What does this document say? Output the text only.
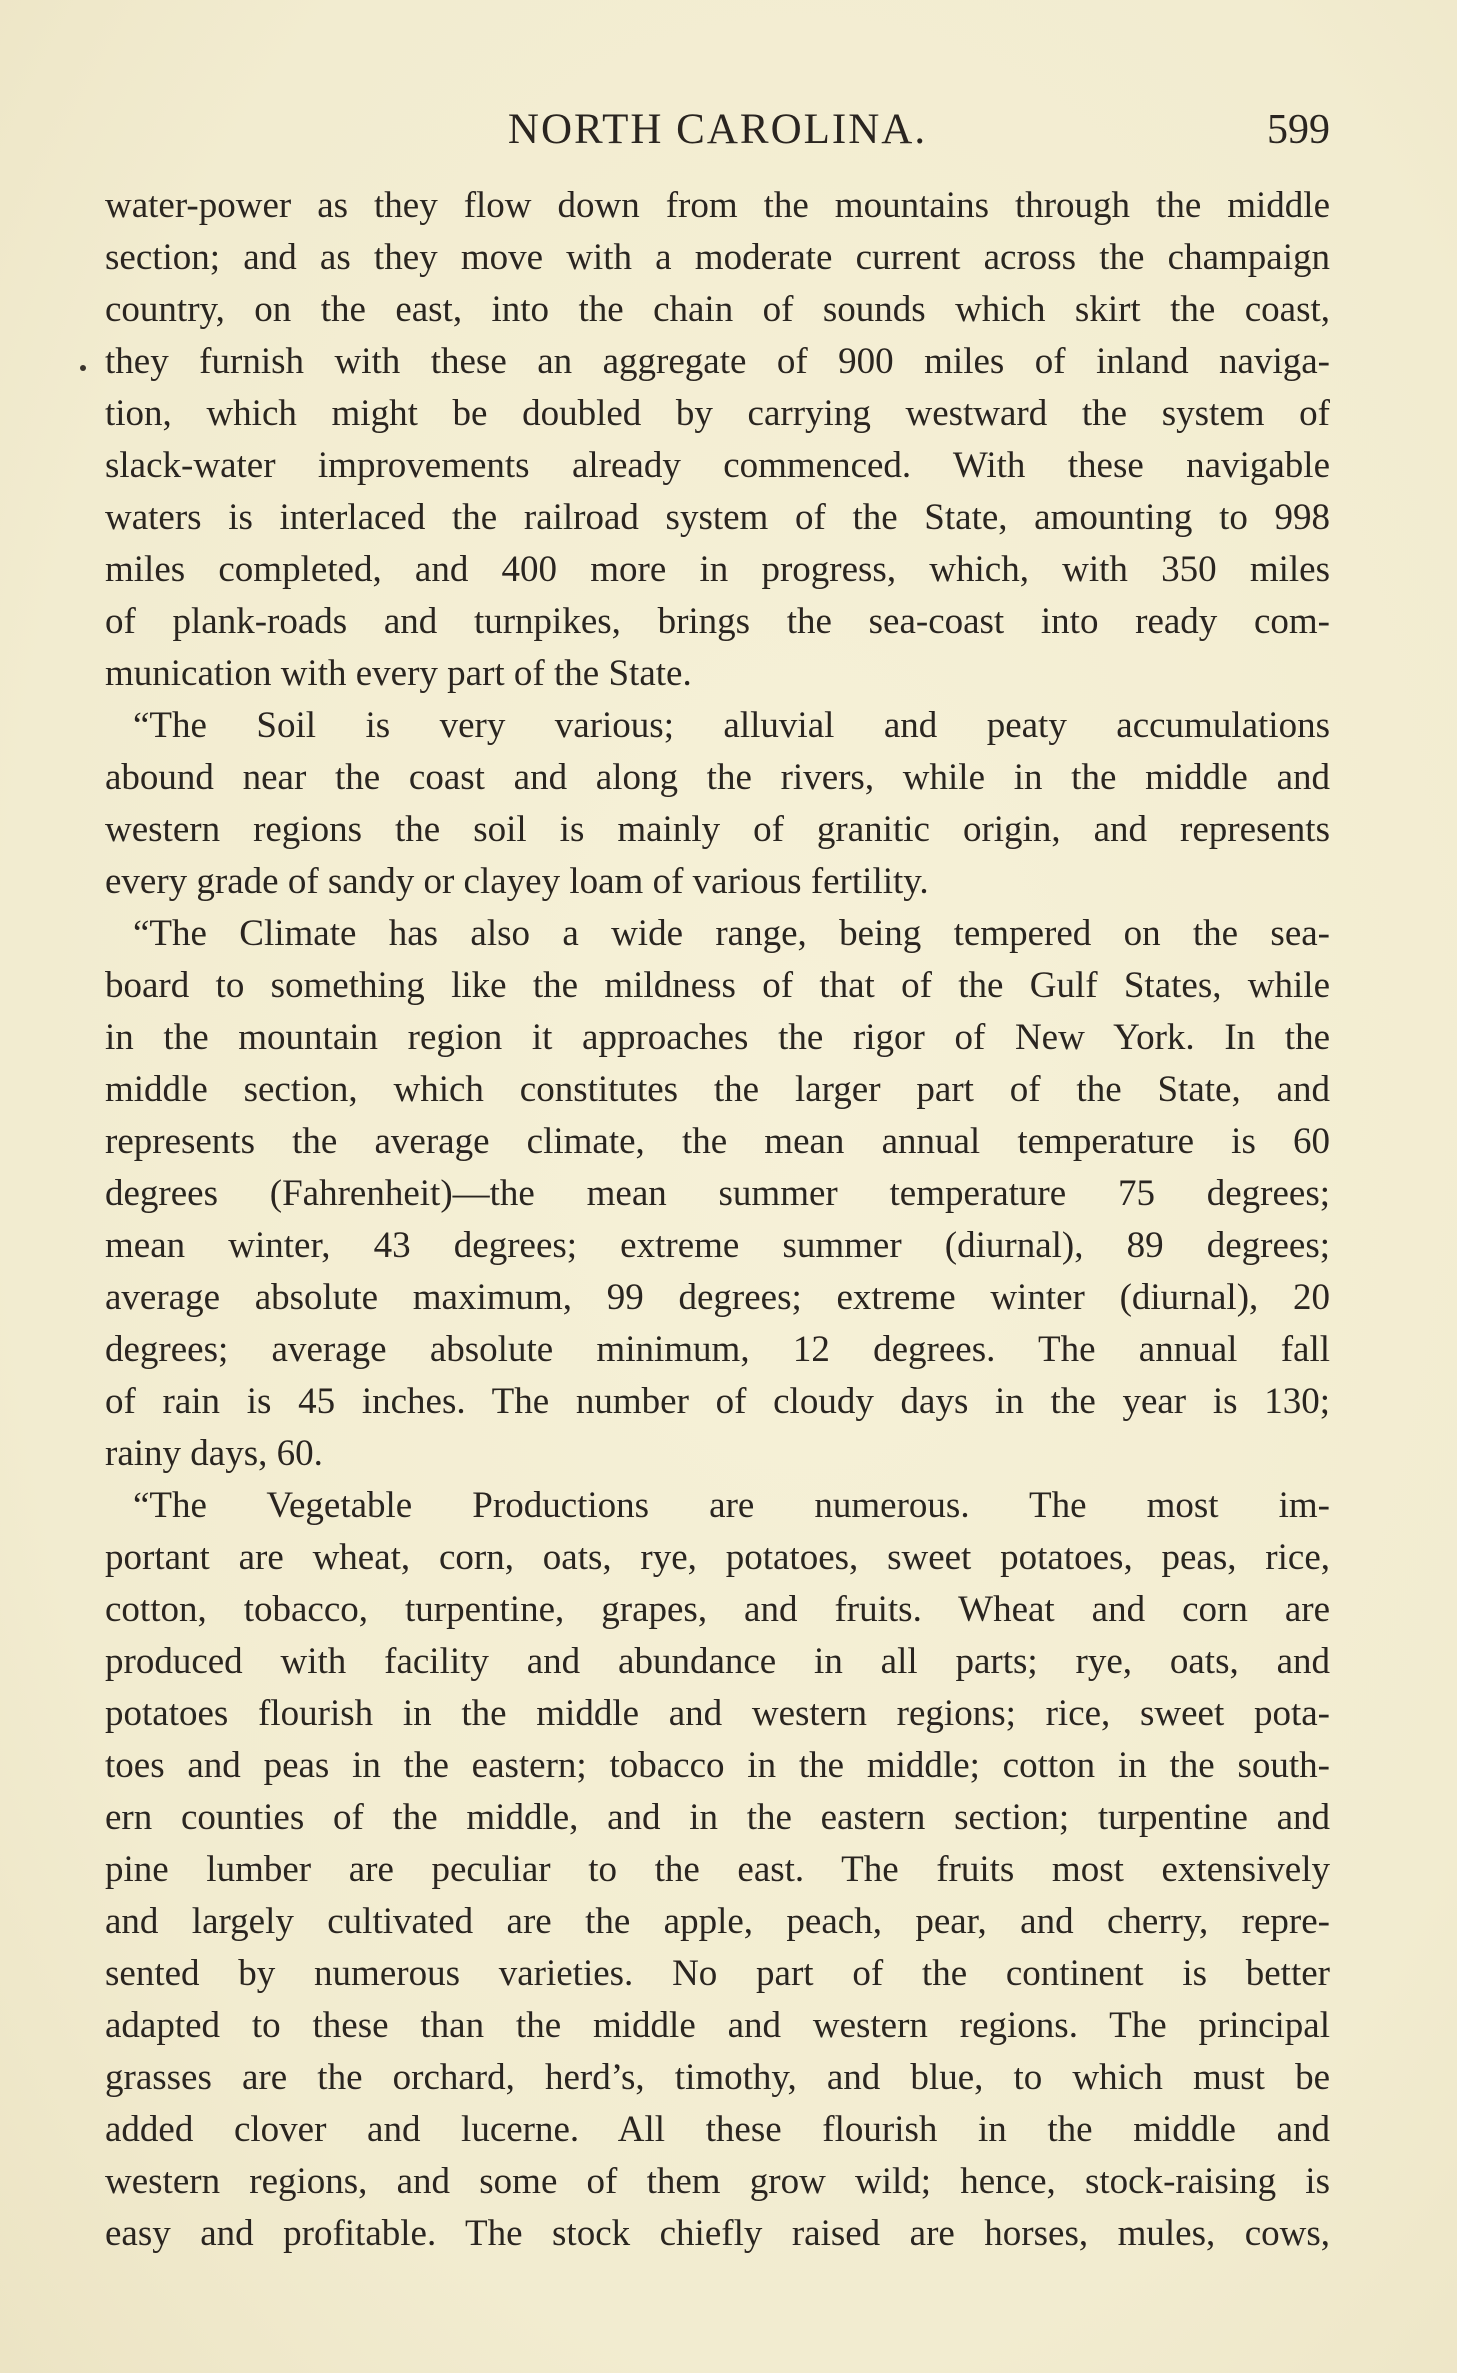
NORTH CAROLINA.	599
water-power as they flow down from the mountains through the middle
section; and as they move with a moderate current across the champaign
country, on the east, into the chain of sounds which skirt the coast,
they furnish with these an aggregate of 900 miles of inland naviga-
tion, which might be doubled by carrying westward the system of
slack-water improvements already commenced. With these navigable
waters is interlaced the railroad system of the State, amounting to 998
miles completed, and 400 more in progress, which, with 350 miles
of plank-roads and turnpikes, brings the sea-coast into ready com-
munication with every part of the State.
“The Soil is very various; alluvial and peaty accumulations
abound near the coast and along the rivers, while in the middle and
western regions the soil is mainly of granitic origin, and represents
every grade of sandy or clayey loam of various fertility.
“The Climate has also a wide range, being tempered on the sea-
board to something like the mildness of that of the Gulf States, while
in the mountain region it approaches the rigor of New York. In the
middle section, which constitutes the larger part of the State, and
represents the average climate, the mean annual temperature is 60
degrees (Fahrenheit)—the mean summer temperature 75 degrees;
mean winter, 43 degrees; extreme summer (diurnal), 89 degrees;
average absolute maximum, 99 degrees; extreme winter (diurnal), 20
degrees; average absolute minimum, 12 degrees. The annual fall
of rain is 45 inches. The number of cloudy days in the year is 130;
rainy days, 60.
“The Vegetable Productions are numerous. The most im-
portant are wheat, corn, oats, rye, potatoes, sweet potatoes, peas, rice,
cotton, tobacco, turpentine, grapes, and fruits. Wheat and corn are
produced with facility and abundance in all parts; rye, oats, and
potatoes flourish in the middle and western regions; rice, sweet pota-
toes and peas in the eastern; tobacco in the middle; cotton in the south-
ern counties of the middle, and in the eastern section; turpentine and
pine lumber are peculiar to the east. The fruits most extensively
and largely cultivated are the apple, peach, pear, and cherry, repre-
sented by numerous varieties. No part of the continent is better
adapted to these than the middle and western regions. The principal
grasses are the orchard, herd’s, timothy, and blue, to which must be
added clover and lucerne. All these flourish in the middle and
western regions, and some of them grow wild; hence, stock-raising is
easy and profitable. The stock chiefly raised are horses, mules, cows,
